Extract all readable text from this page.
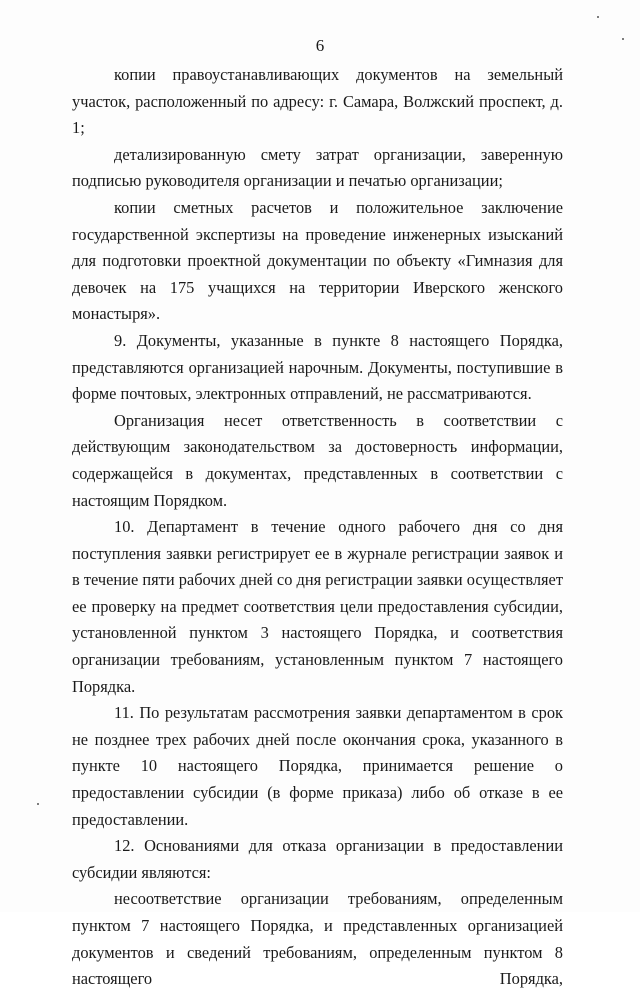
6

копии правоустанавливающих документов на земельный участок, расположенный по адресу: г. Самара, Волжский проспект, д. 1;

детализированную смету затрат организации, заверенную подписью руководителя организации и печатью организации;

копии сметных расчетов и положительное заключение государственной экспертизы на проведение инженерных изысканий для подготовки проектной документации по объекту «Гимназия для девочек на 175 учащихся на территории Иверского женского монастыря».

9. Документы, указанные в пункте 8 настоящего Порядка, представляются организацией нарочным. Документы, поступившие в форме почтовых, электронных отправлений, не рассматриваются.

Организация несет ответственность в соответствии с действующим законодательством за достоверность информации, содержащейся в документах, представленных в соответствии с настоящим Порядком.

10. Департамент в течение одного рабочего дня со дня поступления заявки регистрирует ее в журнале регистрации заявок и в течение пяти рабочих дней со дня регистрации заявки осуществляет ее проверку на предмет соответствия цели предоставления субсидии, установленной пунктом 3 настоящего Порядка, и соответствия организации требованиям, установленным пунктом 7 настоящего Порядка.

11. По результатам рассмотрения заявки департаментом в срок не позднее трех рабочих дней после окончания срока, указанного в пункте 10 настоящего Порядка, принимается решение о предоставлении субсидии (в форме приказа) либо об отказе в ее предоставлении.

12. Основаниями для отказа организации в предоставлении субсидии являются:

несоответствие организации требованиям, определенным пунктом 7 настоящего Порядка, и представленных организацией документов и сведений требованиям, определенным пунктом 8 настоящего Порядка,
